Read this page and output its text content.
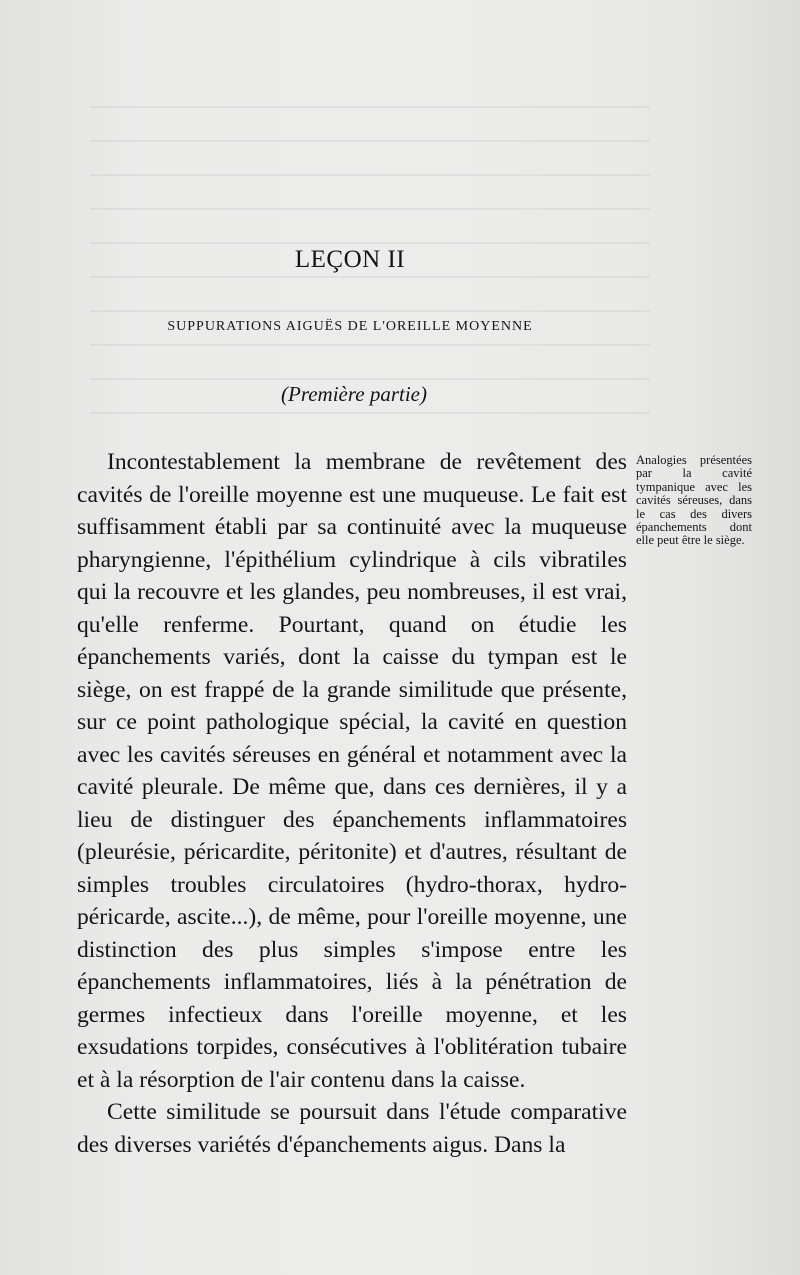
LEÇON II
SUPPURATIONS AIGUËS DE L'OREILLE MOYENNE
(Première partie)
Analogies présentées par la cavité tympanique avec les cavités séreuses, dans le cas des divers épanchements dont elle peut être le siège.

Incontestablement la membrane de revêtement des cavités de l'oreille moyenne est une muqueuse. Le fait est suffisamment établi par sa continuité avec la muqueuse pharyngienne, l'épithélium cylindrique à cils vibratiles qui la recouvre et les glandes, peu nombreuses, il est vrai, qu'elle renferme. Pourtant, quand on étudie les épanchements variés, dont la caisse du tympan est le siège, on est frappé de la grande similitude que présente, sur ce point pathologique spécial, la cavité en question avec les cavités séreuses en général et notamment avec la cavité pleurale. De même que, dans ces dernières, il y a lieu de distinguer des épanchements inflammatoires (pleurésie, péricardite, péritonite) et d'autres, résultant de simples troubles circulatoires (hydro-thorax, hydro-péricarde, ascite...), de même, pour l'oreille moyenne, une distinction des plus simples s'impose entre les épanchements inflammatoires, liés à la pénétration de germes infectieux dans l'oreille moyenne, et les exsudations torpides, consécutives à l'oblitération tubaire et à la résorption de l'air contenu dans la caisse.

Cette similitude se poursuit dans l'étude comparative des diverses variétés d'épanchements aigus. Dans la
